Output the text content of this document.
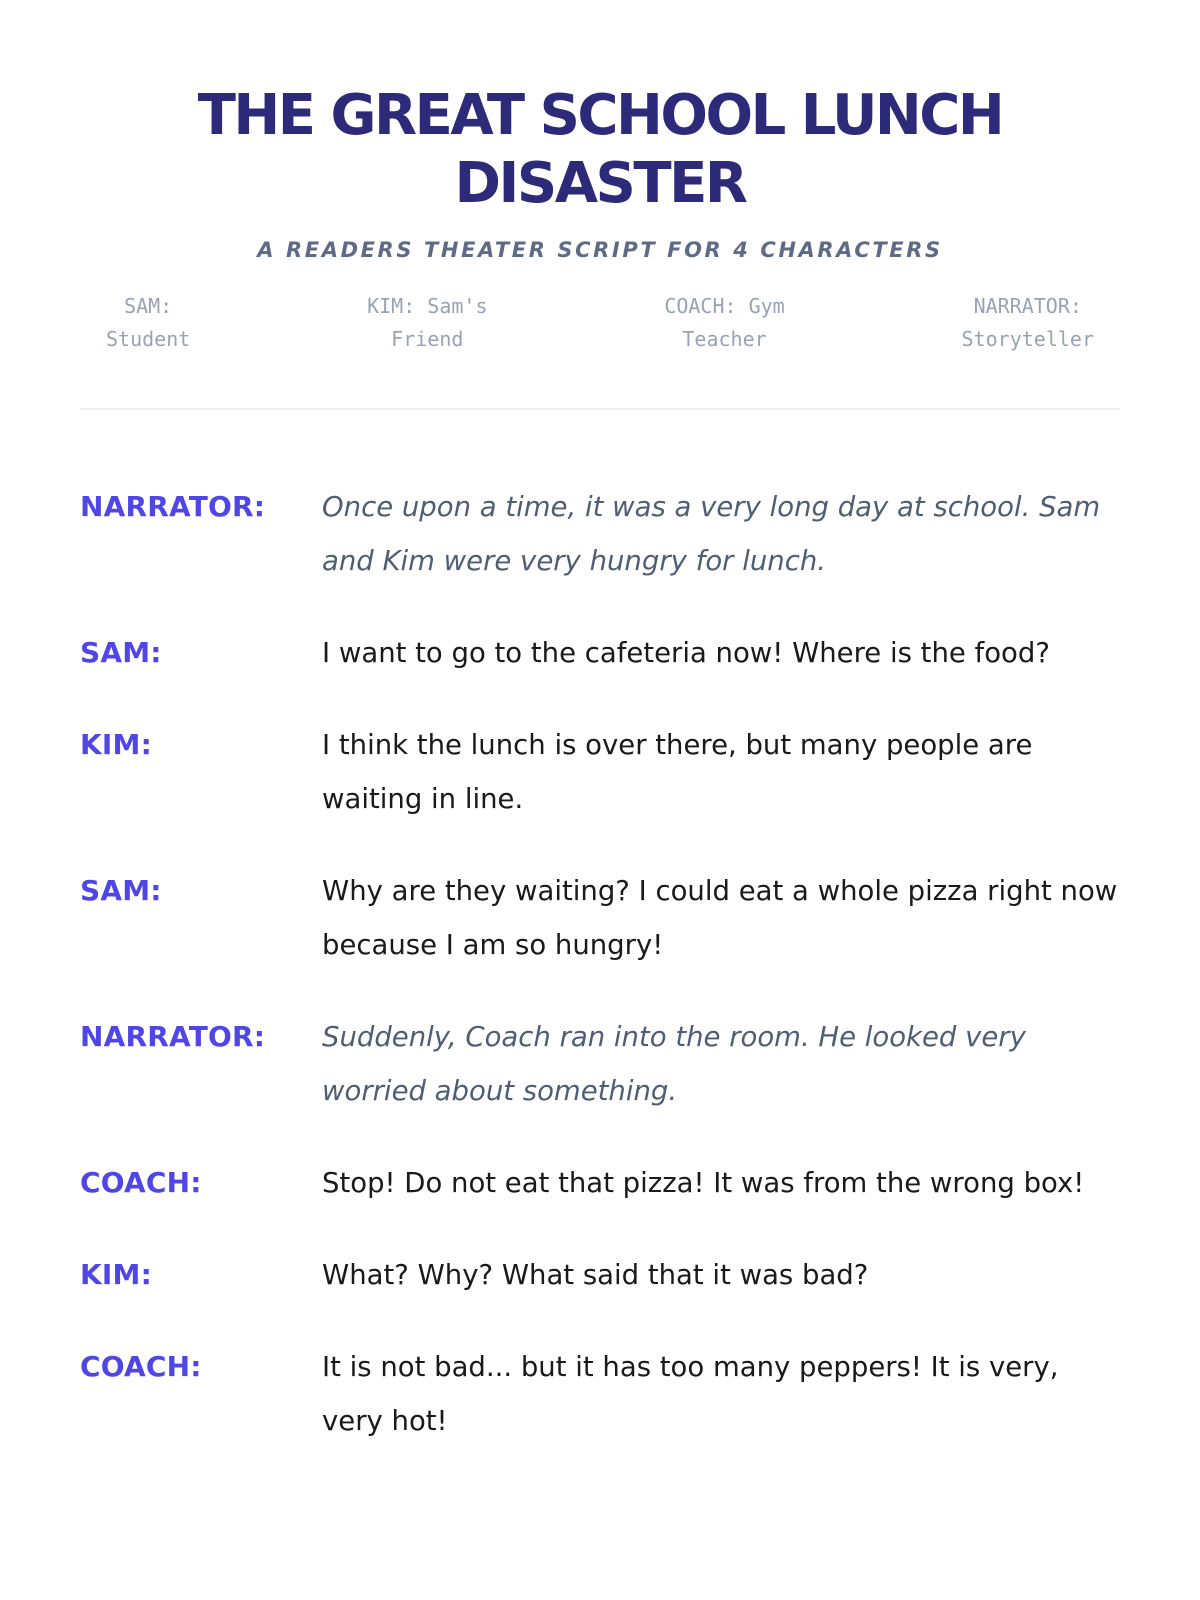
THE GREAT SCHOOL LUNCH DISASTER
A READERS THEATER SCRIPT FOR 4 CHARACTERS
SAM:
Student
KIM: Sam's
Friend
COACH: Gym
Teacher
NARRATOR:
Storyteller
NARRATOR:	Once upon a time, it was a very long day at school. Sam and Kim were very hungry for lunch.
SAM:	I want to go to the cafeteria now! Where is the food?
KIM:	I think the lunch is over there, but many people are waiting in line.
SAM:	Why are they waiting? I could eat a whole pizza right now because I am so hungry!
NARRATOR:	Suddenly, Coach ran into the room. He looked very worried about something.
COACH:	Stop! Do not eat that pizza! It was from the wrong box!
KIM:	What? Why? What said that it was bad?
COACH:	It is not bad... but it has too many peppers! It is very, very hot!
